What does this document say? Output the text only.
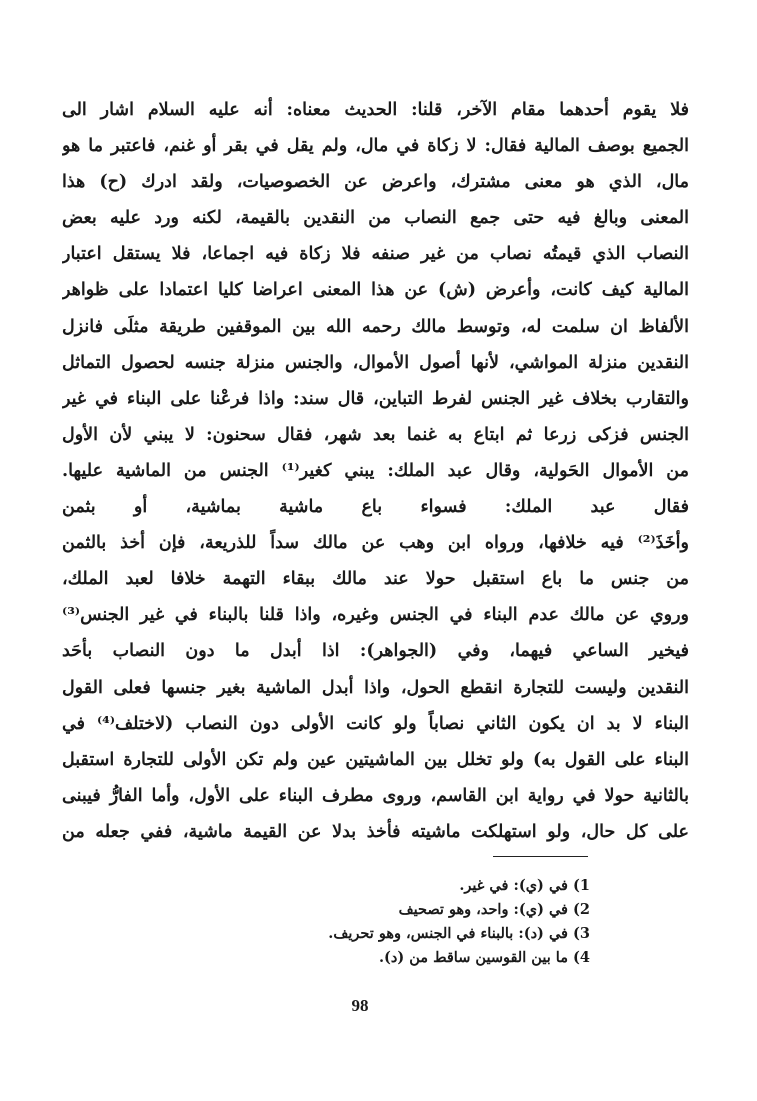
فلا يقوم أحدهما مقام الآخر، قلنا: الحديث معناه: أنه عليه السلام اشار الى
الجميع بوصف المالية فقال: لا زكاة في مال، ولم يقل في بقر أو غنم، فاعتبر ما هو
مال، الذي هو معنى مشترك، واعرض عن الخصوصيات، ولقد ادرك (ح) هذا
المعنى وبالغ فيه حتى جمع النصاب من النقدين بالقيمة، لكنه ورد عليه بعض
النصاب الذي قيمتُه نصاب من غير صنفه فلا زكاة فيه اجماعا، فلا يستقل اعتبار
المالية كيف كانت، وأعرض (ش) عن هذا المعنى اعراضا كليا اعتمادا على ظواهر
الألفاظ ان سلمت له، وتوسط مالك رحمه الله بين الموقفين طريقة مثلَى فانزل
النقدين منزلة المواشي، لأنها أصول الأموال، والجنس منزلة جنسه لحصول التماثل
والتقارب بخلاف غير الجنس لفرط التباين، قال سند: واذا فرعْنا على البناء في غير
الجنس فزكى زرعا ثم ابتاع به غنما بعد شهر، فقال سحنون: لا يبني لأن الأول
من الأموال الحَولية، وقال عبد الملك: يبني كغير⁽¹⁾ الجنس من الماشية عليها.
فقال عبد الملك: فسواء باع ماشية بماشية، أو بثمن
وأخَذَ⁽²⁾ فيه خلافها، ورواه ابن وهب عن مالك سداً للذريعة، فإن أخذ بالثمن
من جنس ما باع استقبل حولا عند مالك ببقاء التهمة خلافا لعبد الملك،
وروي عن مالك عدم البناء في الجنس وغيره، واذا قلنا بالبناء في غير الجنس⁽³⁾
فيخير الساعي فيهما، وفي (الجواهر): اذا أبدل ما دون النصاب بأحَد
النقدين وليست للتجارة انقطع الحول، واذا أبدل الماشية بغير جنسها فعلى القول
البناء لا بد ان يكون الثاني نصاباً ولو كانت الأولى دون النصاب (لاختلف⁽⁴⁾ في
البناء على القول به) ولو تخلل بين الماشيتين عين ولم تكن الأولى للتجارة استقبل
بالثانية حولا في رواية ابن القاسم، وروى مطرف البناء على الأول، وأما الفارُّ فيبنى
على كل حال، ولو استهلكت ماشيته فأخذ بدلا عن القيمة ماشية، ففي جعله من
1) في (ي): في غير.
2) في (ي): واحد، وهو تصحيف
3) في (د): بالبناء في الجنس، وهو تحريف.
4) ما بين القوسين ساقط من (د).
98
